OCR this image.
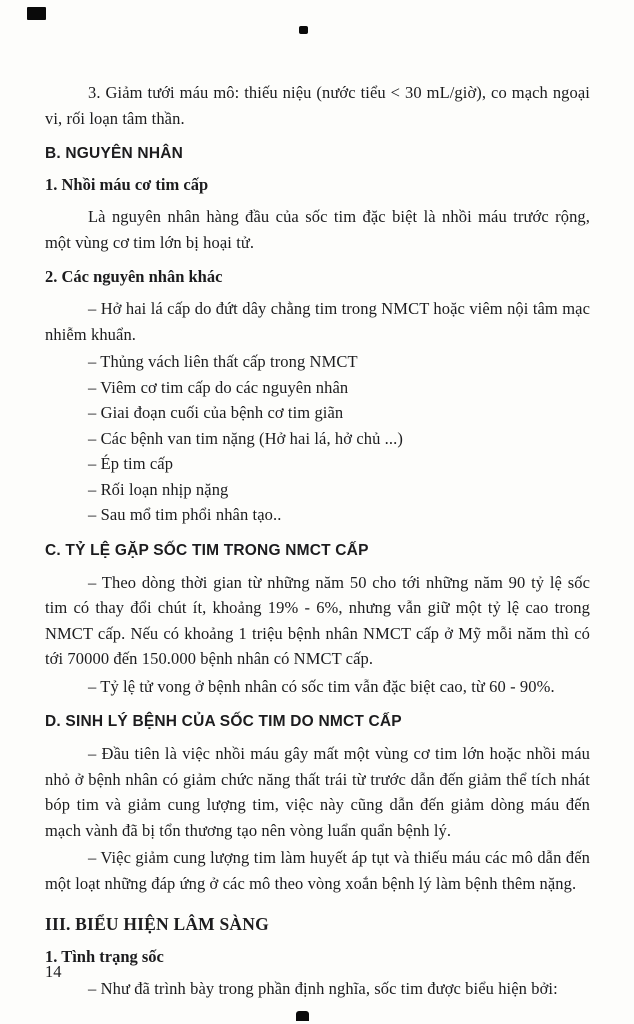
3. Giảm tưới máu mô: thiếu niệu (nước tiểu < 30 mL/giờ), co mạch ngoại vi, rối loạn tâm thần.

B. NGUYÊN NHÂN
1. Nhồi máu cơ tim cấp

Là nguyên nhân hàng đầu của sốc tim đặc biệt là nhồi máu trước rộng, một vùng cơ tim lớn bị hoại tử.

2. Các nguyên nhân khác

– Hở hai lá cấp do đứt dây chằng tim trong NMCT hoặc viêm nội tâm mạc nhiễm khuẩn.

– Thủng vách liên thất cấp trong NMCT

– Viêm cơ tim cấp do các nguyên nhân

– Giai đoạn cuối của bệnh cơ tim giãn

– Các bệnh van tim nặng (Hở hai lá, hở chủ ...)

– Ép tim cấp

– Rối loạn nhịp nặng

– Sau mổ tim phổi nhân tạo..

C. TỶ LỆ GẶP SỐC TIM TRONG NMCT CẤP

– Theo dòng thời gian từ những năm 50 cho tới những năm 90 tỷ lệ sốc tim có thay đổi chút ít, khoảng 19% - 6%, nhưng vẫn giữ một tỷ lệ cao trong NMCT cấp. Nếu có khoảng 1 triệu bệnh nhân NMCT cấp ở Mỹ mỗi năm thì có tới 70000 đến 150.000 bệnh nhân có NMCT cấp.

– Tỷ lệ tử vong ở bệnh nhân có sốc tim vẫn đặc biệt cao, từ 60 - 90%.

D. SINH LÝ BỆNH CỦA SỐC TIM DO NMCT CẤP

– Đầu tiên là việc nhồi máu gây mất một vùng cơ tim lớn hoặc nhồi máu nhỏ ở bệnh nhân có giảm chức năng thất trái từ trước dẫn đến giảm thể tích nhát bóp tim và giảm cung lượng tim, việc này cũng dẫn đến giảm dòng máu đến mạch vành đã bị tổn thương tạo nên vòng luẩn quẩn bệnh lý.

– Việc giảm cung lượng tim làm huyết áp tụt và thiếu máu các mô dẫn đến một loạt những đáp ứng ở các mô theo vòng xoắn bệnh lý làm bệnh thêm nặng.

III. BIỂU HIỆN LÂM SÀNG
1. Tình trạng sốc

– Như đã trình bày trong phần định nghĩa, sốc tim được biểu hiện bởi:

14
